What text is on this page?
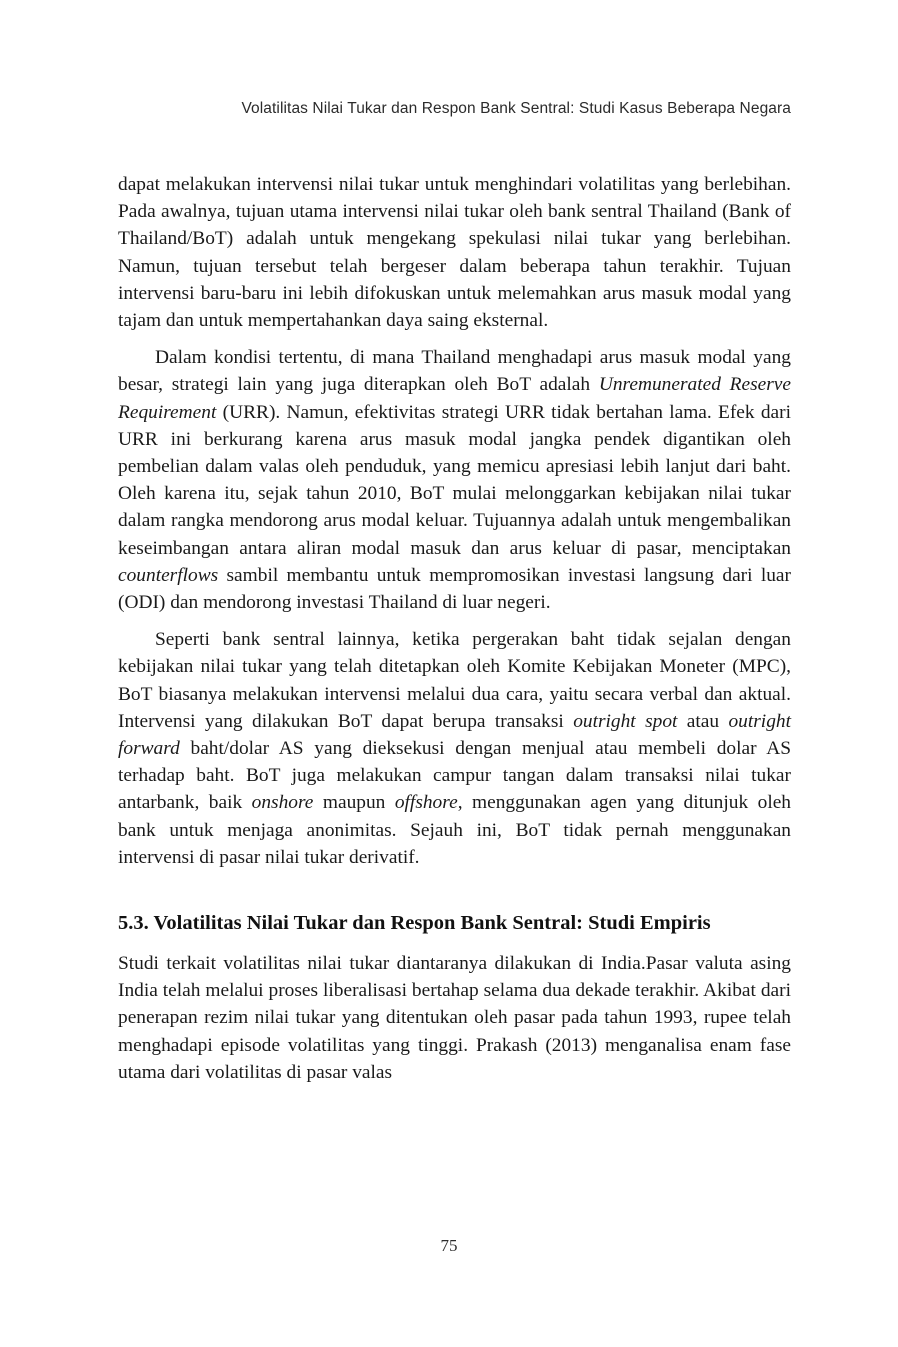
Volatilitas Nilai Tukar dan Respon Bank Sentral: Studi Kasus Beberapa Negara

dapat melakukan intervensi nilai tukar untuk menghindari volatilitas yang berlebihan. Pada awalnya, tujuan utama intervensi nilai tukar oleh bank sentral Thailand (Bank of Thailand/BoT) adalah untuk mengekang spekulasi nilai tukar yang berlebihan. Namun, tujuan tersebut telah bergeser dalam beberapa tahun terakhir. Tujuan intervensi baru-baru ini lebih difokuskan untuk melemahkan arus masuk modal yang tajam dan untuk mempertahankan daya saing eksternal.

Dalam kondisi tertentu, di mana Thailand menghadapi arus masuk modal yang besar, strategi lain yang juga diterapkan oleh BoT adalah Unremunerated Reserve Requirement (URR). Namun, efektivitas strategi URR tidak bertahan lama. Efek dari URR ini berkurang karena arus masuk modal jangka pendek digantikan oleh pembelian dalam valas oleh penduduk, yang memicu apresiasi lebih lanjut dari baht. Oleh karena itu, sejak tahun 2010, BoT mulai melonggarkan kebijakan nilai tukar dalam rangka mendorong arus modal keluar. Tujuannya adalah untuk mengembalikan keseimbangan antara aliran modal masuk dan arus keluar di pasar, menciptakan counterflows sambil membantu untuk mempromosikan investasi langsung dari luar (ODI) dan mendorong investasi Thailand di luar negeri.

Seperti bank sentral lainnya, ketika pergerakan baht tidak sejalan dengan kebijakan nilai tukar yang telah ditetapkan oleh Komite Kebijakan Moneter (MPC), BoT biasanya melakukan intervensi melalui dua cara, yaitu secara verbal dan aktual. Intervensi yang dilakukan BoT dapat berupa transaksi outright spot atau outright forward baht/dolar AS yang dieksekusi dengan menjual atau membeli dolar AS terhadap baht. BoT juga melakukan campur tangan dalam transaksi nilai tukar antarbank, baik onshore maupun offshore, menggunakan agen yang ditunjuk oleh bank untuk menjaga anonimitas. Sejauh ini, BoT tidak pernah menggunakan intervensi di pasar nilai tukar derivatif.

5.3. Volatilitas Nilai Tukar dan Respon Bank Sentral: Studi Empiris

Studi terkait volatilitas nilai tukar diantaranya dilakukan di India.Pasar valuta asing India telah melalui proses liberalisasi bertahap selama dua dekade terakhir. Akibat dari penerapan rezim nilai tukar yang ditentukan oleh pasar pada tahun 1993, rupee telah menghadapi episode volatilitas yang tinggi. Prakash (2013) menganalisa enam fase utama dari volatilitas di pasar valas

75
